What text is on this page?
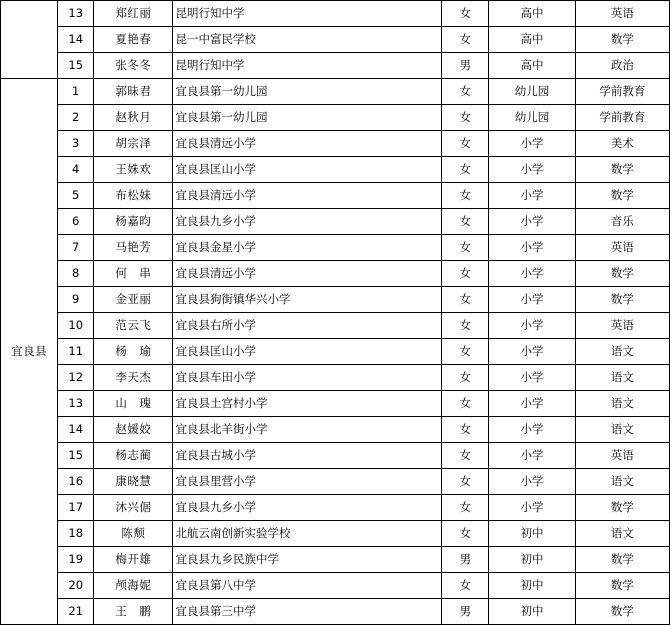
	13	郑红丽	昆明行知中学	女	高中	英语
	14	夏艳春	昆一中富民学校	女	高中	数学
	15	张冬冬	昆明行知中学	男	高中	政治
宜良县	1	郭昧君	宜良县第一幼儿园	女	幼儿园	学前教育
	2	赵秋月	宜良县第一幼儿园	女	幼儿园	学前教育
	3	胡宗泽	宜良县清远小学	女	小学	美术
	4	王姝欢	宜良县匡山小学	女	小学	数学
	5	布松妹	宜良县清远小学	女	小学	数学
	6	杨嘉昀	宜良县九乡小学	女	小学	音乐
	7	马艳芳	宜良县金星小学	女	小学	英语
	8	何　串	宜良县清远小学	女	小学	数学
	9	金亚丽	宜良县狗街镇华兴小学	女	小学	数学
	10	范云飞	宜良县右所小学	女	小学	英语
	11	杨　瑜	宜良县匡山小学	女	小学	语文
	12	李天杰	宜良县车田小学	女	小学	语文
	13	山　瑰	宜良县土宫村小学	女	小学	语文
	14	赵媛姣	宜良县北羊街小学	女	小学	语文
	15	杨志蔺	宜良县古城小学	女	小学	英语
	16	康晓慧	宜良县里营小学	女	小学	语文
	17	沐兴倨	宜良县九乡小学	女	小学	数学
	18	陈颓	北航云南创新实验学校	女	初中	语文
	19	梅开雄	宜良县九乡民族中学	男	初中	数学
	20	颅海妮	宜良县第八中学	女	初中	数学
	21	王　鹏	宜良县第三中学	男	初中	数学
